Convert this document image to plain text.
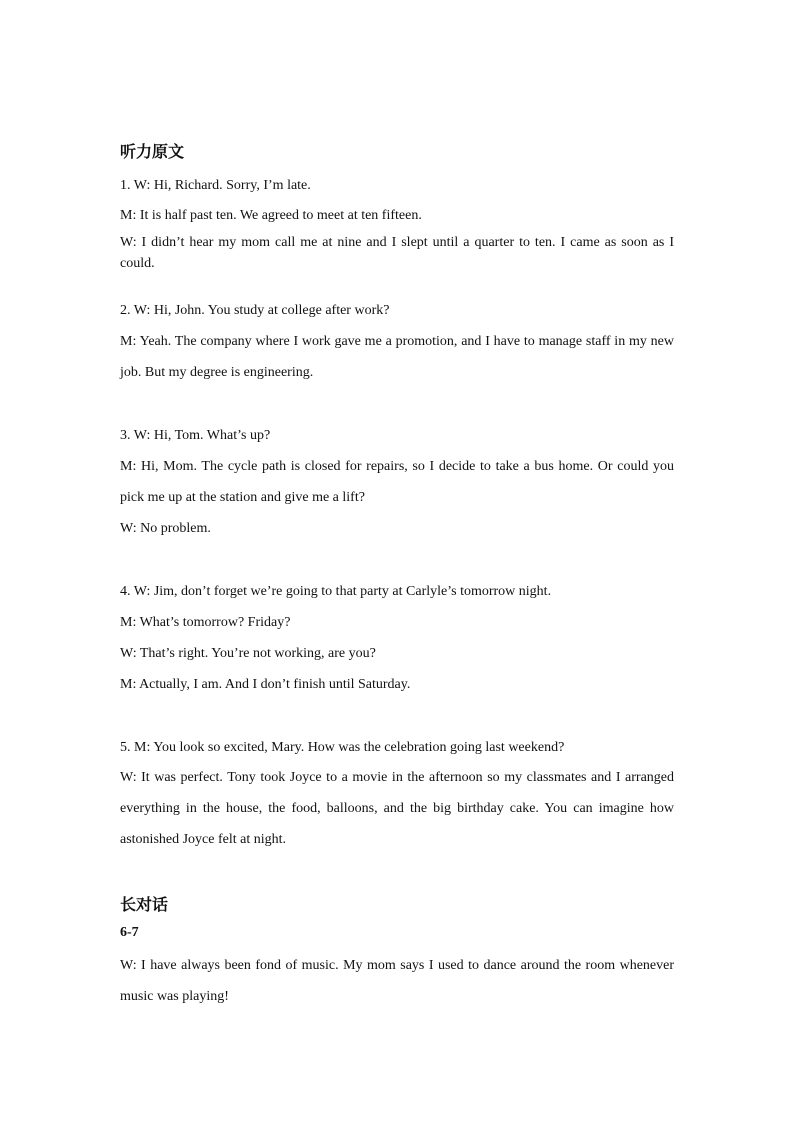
听力原文
1. W: Hi, Richard. Sorry, I’m late.
M: It is half past ten. We agreed to meet at ten fifteen.
W: I didn’t hear my mom call me at nine and I slept until a quarter to ten. I came as soon as I could.
2. W: Hi, John. You study at college after work?
M: Yeah. The company where I work gave me a promotion, and I have to manage staff in my new job. But my degree is engineering.
3. W: Hi, Tom. What’s up?
M: Hi, Mom. The cycle path is closed for repairs, so I decide to take a bus home. Or could you pick me up at the station and give me a lift?
W: No problem.
4. W: Jim, don’t forget we’re going to that party at Carlyle’s tomorrow night.
M: What’s tomorrow? Friday?
W: That’s right. You’re not working, are you?
M: Actually, I am. And I don’t finish until Saturday.
5. M: You look so excited, Mary. How was the celebration going last weekend?
W: It was perfect. Tony took Joyce to a movie in the afternoon so my classmates and I arranged everything in the house, the food, balloons, and the big birthday cake. You can imagine how astonished Joyce felt at night.
长对话
6-7
W: I have always been fond of music. My mom says I used to dance around the room whenever music was playing!
